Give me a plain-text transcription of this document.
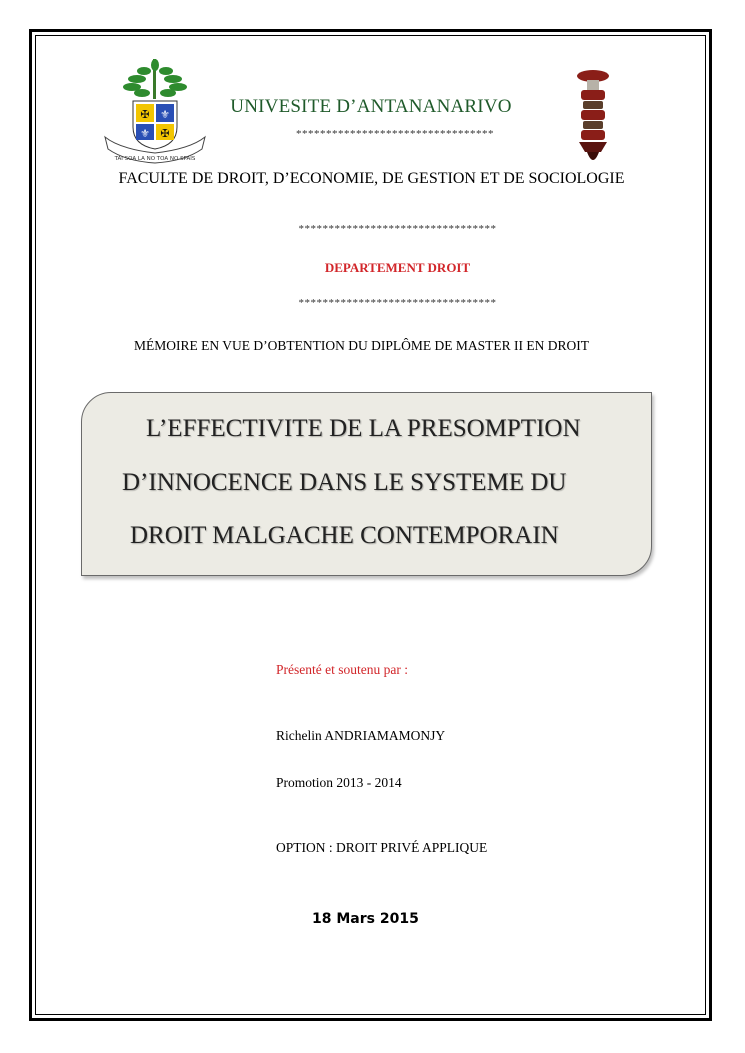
✠ ⚜
⚜ ✠
TAI SOA LA NO TOA NO SPAIS
UNIVESITE D’ANTANANARIVO
*********************************
FACULTE DE DROIT, D’ECONOMIE, DE GESTION ET DE SOCIOLOGIE
*********************************
DEPARTEMENT DROIT
*********************************
MÉMOIRE EN VUE D’OBTENTION DU DIPLÔME DE MASTER II EN DROIT
L’EFFECTIVITE DE LA PRESOMPTION
D’INNOCENCE DANS LE SYSTEME DU
DROIT MALGACHE CONTEMPORAIN
Présenté et soutenu par :
Richelin ANDRIAMAMONJY
Promotion 2013 - 2014
OPTION : DROIT PRIVÉ APPLIQUE
18 Mars 2015
